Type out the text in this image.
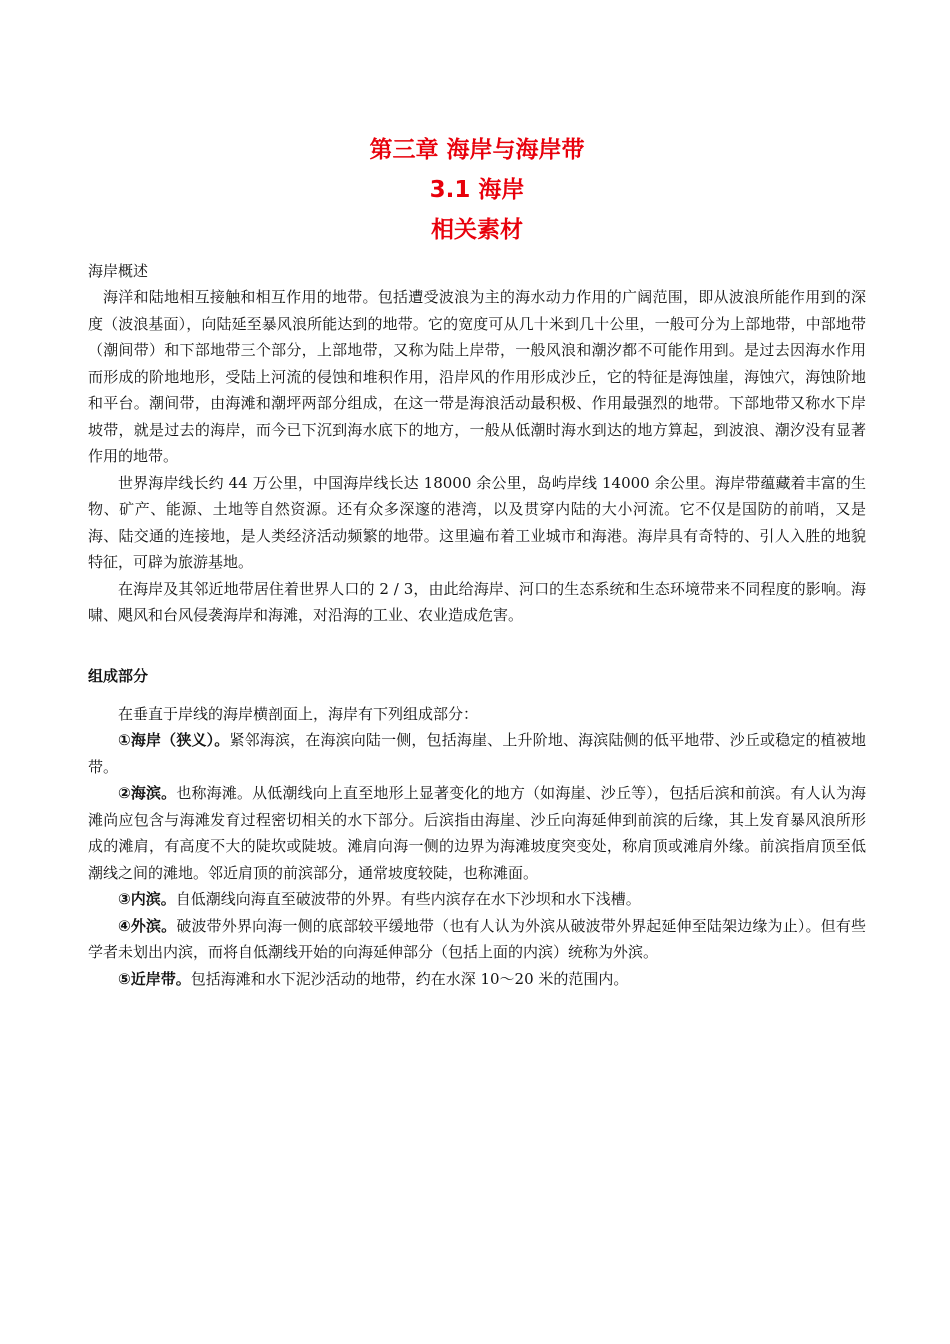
第三章 海岸与海岸带
3.1 海岸
相关素材
海岸概述

海洋和陆地相互接触和相互作用的地带。包括遭受波浪为主的海水动力作用的广阔范围，即从波浪所能作用到的深度（波浪基面），向陆延至暴风浪所能达到的地带。它的宽度可从几十米到几十公里，一般可分为上部地带，中部地带（潮间带）和下部地带三个部分，上部地带，又称为陆上岸带，一般风浪和潮汐都不可能作用到。是过去因海水作用而形成的阶地地形，受陆上河流的侵蚀和堆积作用，沿岸风的作用形成沙丘，它的特征是海蚀崖，海蚀穴，海蚀阶地和平台。潮间带，由海滩和潮坪两部分组成，在这一带是海浪活动最积极、作用最强烈的地带。下部地带又称水下岸坡带，就是过去的海岸，而今已下沉到海水底下的地方，一般从低潮时海水到达的地方算起，到波浪、潮汐没有显著作用的地带。

世界海岸线长约 44 万公里，中国海岸线长达 18000 余公里，岛屿岸线 14000 余公里。海岸带蕴藏着丰富的生物、矿产、能源、土地等自然资源。还有众多深邃的港湾，以及贯穿内陆的大小河流。它不仅是国防的前哨，又是海、陆交通的连接地，是人类经济活动频繁的地带。这里遍布着工业城市和海港。海岸具有奇特的、引人入胜的地貌特征，可辟为旅游基地。

在海岸及其邻近地带居住着世界人口的 2 / 3，由此给海岸、河口的生态系统和生态环境带来不同程度的影响。海啸、飓风和台风侵袭海岸和海滩，对沿海的工业、农业造成危害。

组成部分

在垂直于岸线的海岸横剖面上，海岸有下列组成部分：

①海岸（狭义）。紧邻海滨，在海滨向陆一侧，包括海崖、上升阶地、海滨陆侧的低平地带、沙丘或稳定的植被地带。

②海滨。也称海滩。从低潮线向上直至地形上显著变化的地方（如海崖、沙丘等），包括后滨和前滨。有人认为海滩尚应包含与海滩发育过程密切相关的水下部分。后滨指由海崖、沙丘向海延伸到前滨的后缘，其上发育暴风浪所形成的滩肩，有高度不大的陡坎或陡坡。滩肩向海一侧的边界为海滩坡度突变处，称肩顶或滩肩外缘。前滨指肩顶至低潮线之间的滩地。邻近肩顶的前滨部分，通常坡度较陡，也称滩面。

③内滨。自低潮线向海直至破波带的外界。有些内滨存在水下沙坝和水下浅槽。

④外滨。破波带外界向海一侧的底部较平缓地带（也有人认为外滨从破波带外界起延伸至陆架边缘为止）。但有些学者未划出内滨，而将自低潮线开始的向海延伸部分（包括上面的内滨）统称为外滨。

⑤近岸带。包括海滩和水下泥沙活动的地带，约在水深 10～20 米的范围内。
